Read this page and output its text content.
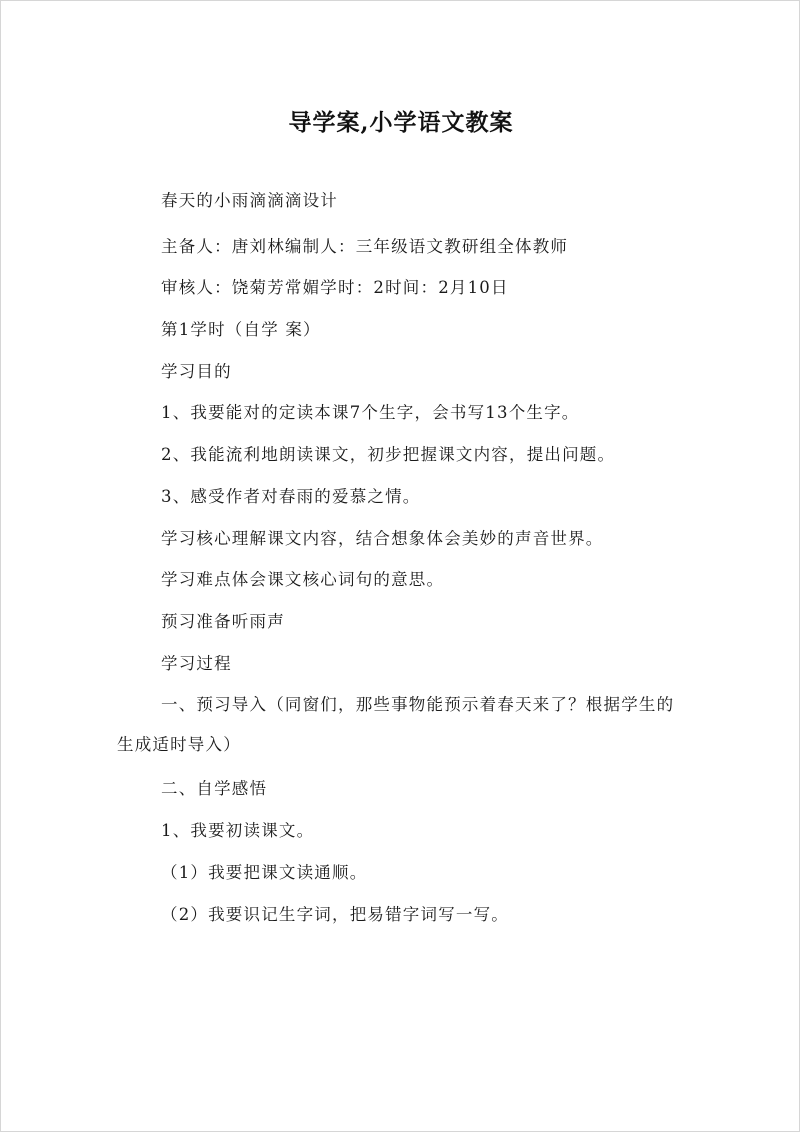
导学案,小学语文教案
春天的小雨滴滴滴设计
主备人：唐刘林编制人：三年级语文教研组全体教师
审核人：饶菊芳常媚学时：2时间：2月10日
第1学时（自学 案）
学习目的
1、我要能对的定读本课7个生字，会书写13个生字。
2、我能流利地朗读课文，初步把握课文内容，提出问题。
3、感受作者对春雨的爱慕之情。
学习核心理解课文内容，结合想象体会美妙的声音世界。
学习难点体会课文核心词句的意思。
预习准备听雨声
学习过程
一、预习导入（同窗们，那些事物能预示着春天来了？根据学生的生成适时导入）
二、自学感悟
1、我要初读课文。
（1）我要把课文读通顺。
（2）我要识记生字词，把易错字词写一写。
